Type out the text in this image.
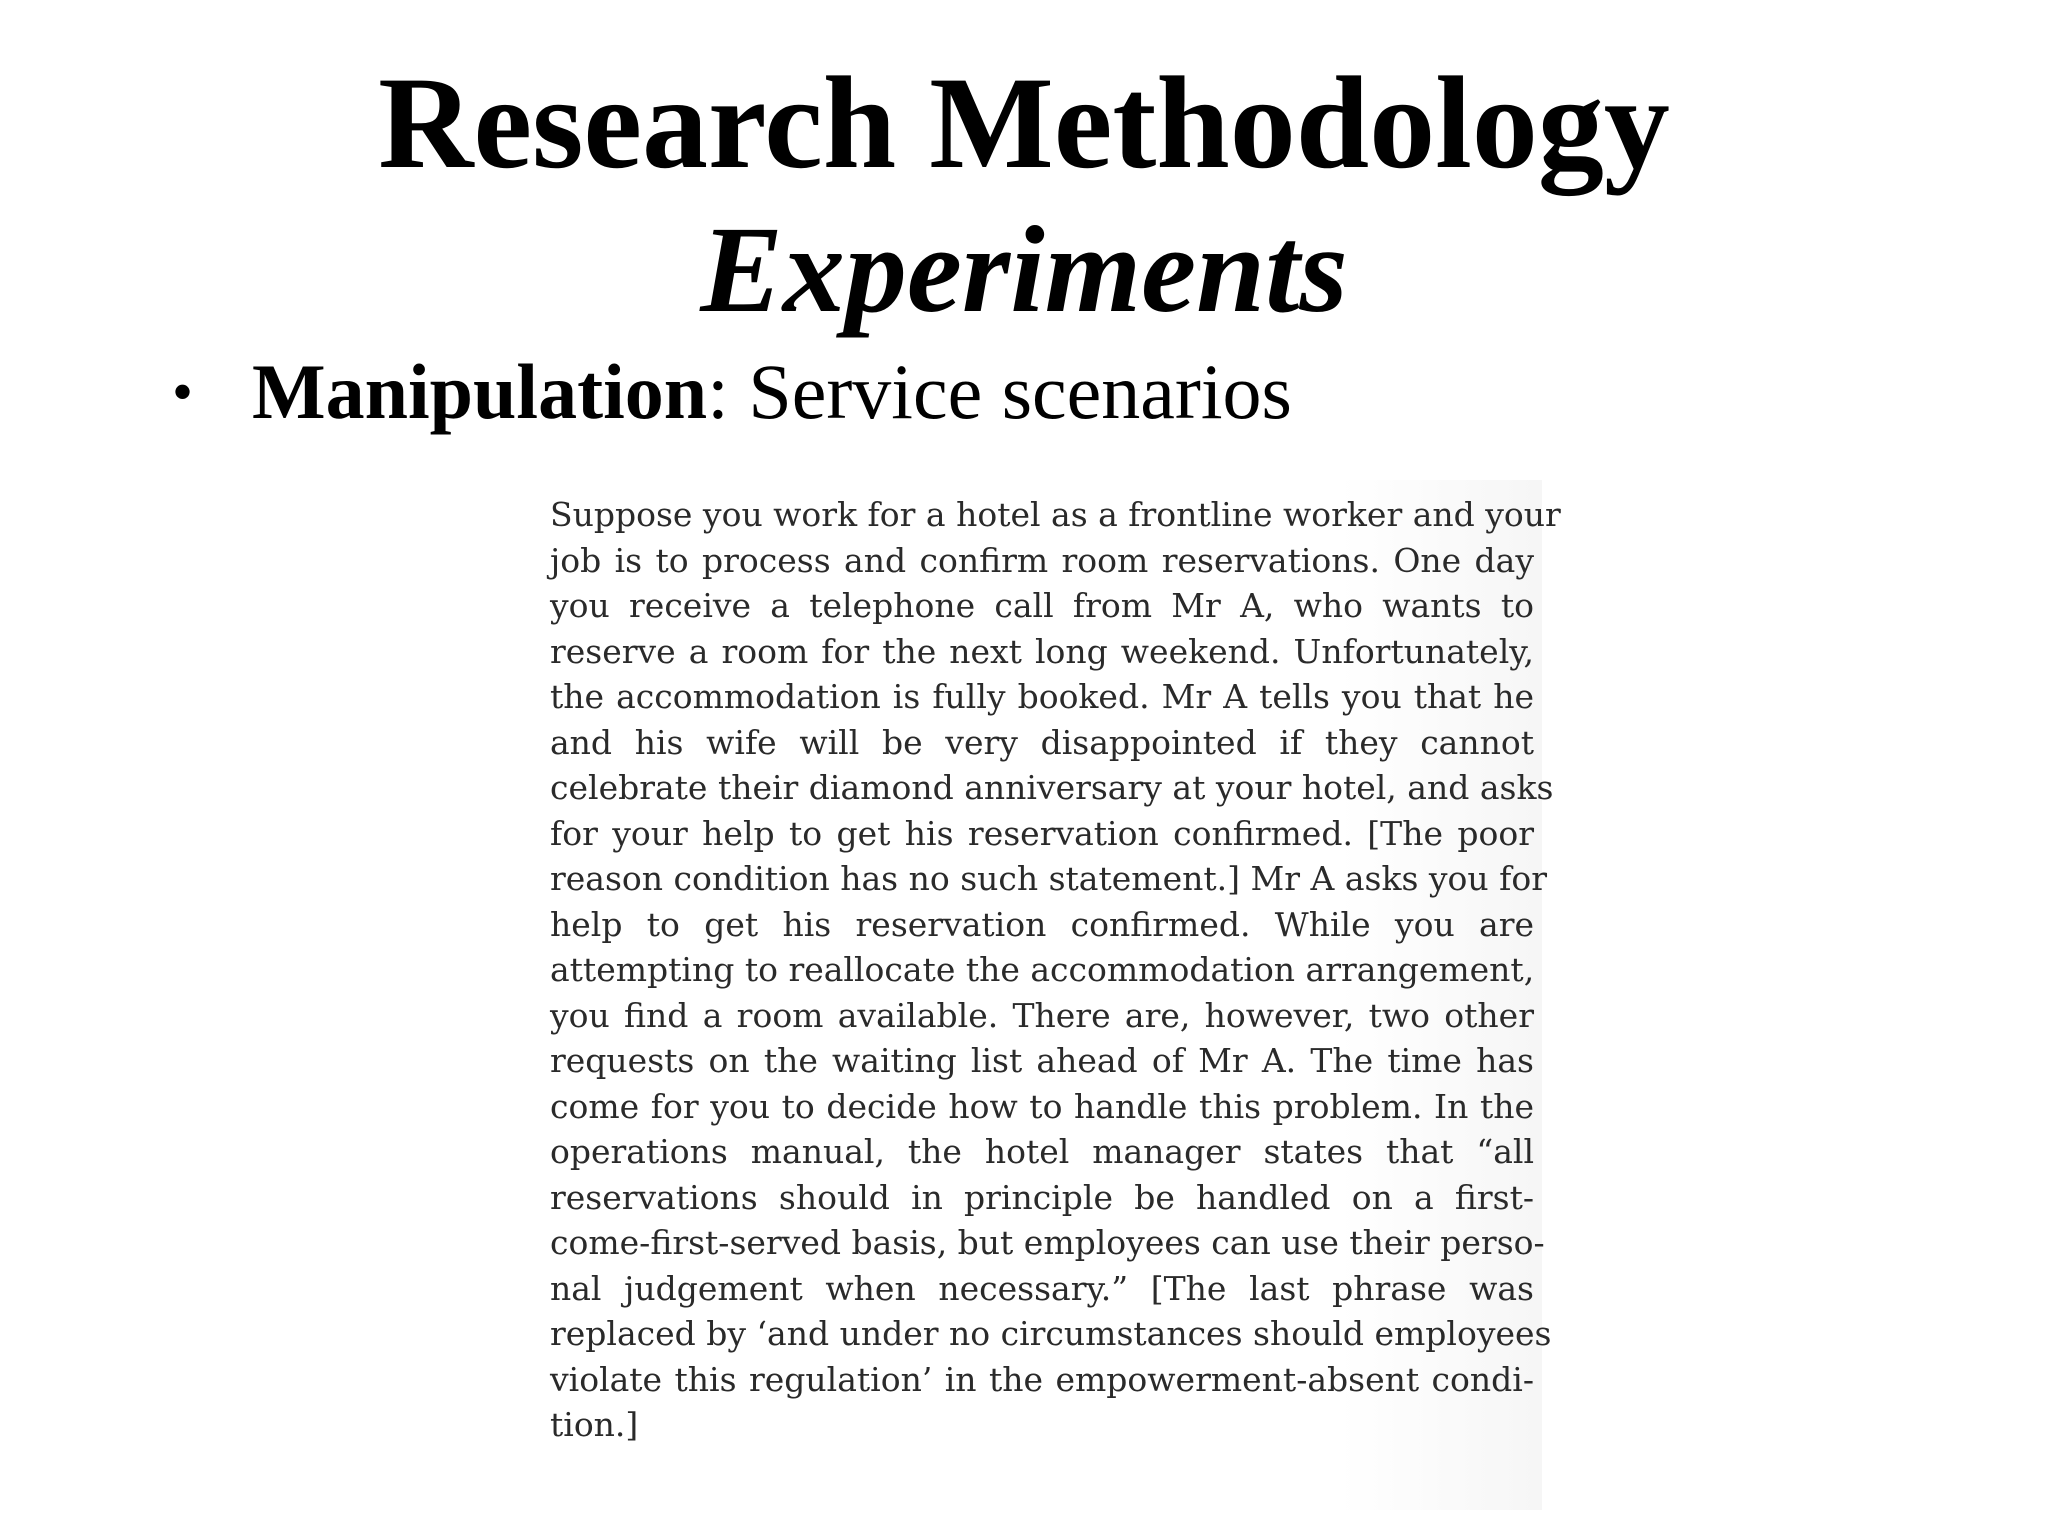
Research Methodology
Experiments
• Manipulation: Service scenarios
Suppose you work for a hotel as a frontline worker and your
job is to process and confirm room reservations. One day
you receive a telephone call from Mr A, who wants to
reserve a room for the next long weekend. Unfortunately,
the accommodation is fully booked. Mr A tells you that he
and his wife will be very disappointed if they cannot
celebrate their diamond anniversary at your hotel, and asks
for your help to get his reservation confirmed. [The poor
reason condition has no such statement.] Mr A asks you for
help to get his reservation confirmed. While you are
attempting to reallocate the accommodation arrangement,
you find a room available. There are, however, two other
requests on the waiting list ahead of Mr A. The time has
come for you to decide how to handle this problem. In the
operations manual, the hotel manager states that “all
reservations should in principle be handled on a first-
come-first-served basis, but employees can use their perso-
nal judgement when necessary.” [The last phrase was
replaced by ‘and under no circumstances should employees
violate this regulation’ in the empowerment-absent condi-
tion.]
